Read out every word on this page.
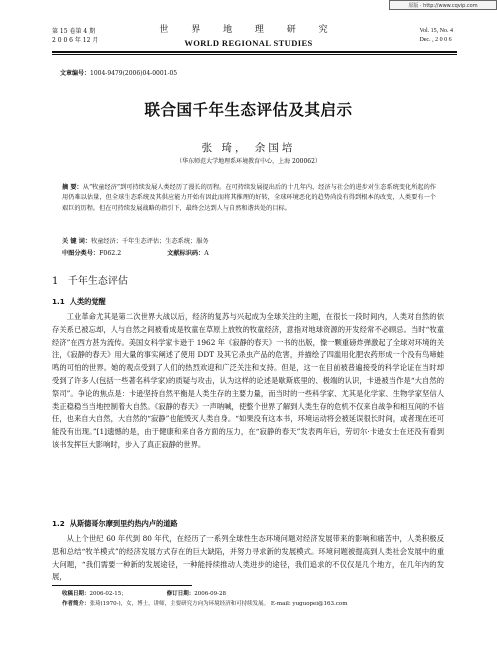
原版 · http://www.cqvip.com
第 15 卷第 4 期
2 0 0 6 年 12 月
世 界 地 理 研 究
WORLD REGIONAL STUDIES
Vol. 15, No. 4
Dec. , 2 0 0 6
文章编号：1004-9479(2006)04-0001-05
联合国千年生态评估及其启示
张 琦， 余国培
（华东师范大学地理系环境教育中心，上海 200062）
摘 要：从“牧童经济”到可持续发展人类经历了漫长的历程。在可持续发展提出后的十几年内，经济与社会的进步对生态系统变化所起的作用仍难以估量，但全球生态系统及其供应能力开始有因此而将其推理的好转，全球环境恶化的趋势尚没有得到根本的改变，人类要有一个艰巨的历程。但在可持续发展战略的指引下，最终会达到人与自然和谐共处的目标。
关 键 词：牧童经济；千年生态评估；生态系统；服务
中图分类号：F062.2	文献标识码：A
1 千年生态评估
1.1 人类的觉醒
工业革命尤其是第二次世界大战以后，经济的复苏与兴起成为全球关注的主题，在很长一段时间内，人类对自然的依存关系已被忘却，人与自然之间被看成是牧童在草原上放牧的牧童经济，意指对地球资源的开发经常不必顾忌。当时“牧童经济”在西方甚为流传。美国女科学家卡逊于 1962 年《寂静的春天》一书的出版，像一颗重磅炸弹激起了全球对环境的关注，《寂静的春天》用大量的事实阐述了使用 DDT 及其它杀虫产品的危害，并描绘了四滥用化肥农药形成一个没有鸟啼蛙鸣的可怕的世界。她的观点受到了人们的热烈欢迎和广泛关注和支持。但是，这一在目前被普遍接受的科学论证在当时却受到了许多人(包括一些著名科学家)的质疑与攻击，认为这样的论述是歇斯底里的、极端的认识，卡逊被当作是“大自然的祭司”。争论的焦点是：卡逊坚持自然平衡是人类生存的主要力量，而当时的一些科学家、尤其是化学家、生物学家坚信人类正稳稳当当地控制着大自然。《寂静的春天》一声呐喊，使整个世界了解到人类生存的危机不仅来自战争和相互间的不信任，也来自大自然，大自然的“寂静”也能毁灭人类自身。“如果没有这本书，环境运动将会被延误很长时间，或者现在还可能没有出现。”[1]遗憾的是，由于健康和来自各方面的压力，在“寂静的春天”发表两年后，劳切尔·卡逊女士在还没有看到该书发挥巨大影响时，步入了真正寂静的世界。
1.2 从斯德哥尔摩到里约热内卢的道路
从上个世纪 60 年代到 80 年代，在经历了一系列全球性生态环境问题对经济发展带来的影响和痛苦中，人类积极反思和总结“牧羊模式”的经济发展方式存在的巨大缺陷，并努力寻求新的发展模式。环境问题被提高到人类社会发展中的重大问题，“我们需要一种新的发展途径，一种能持续推动人类进步的途径，我们追求的不仅仅是几个地方，在几年内的发展，
收稿日期：2006-02-15；	修订日期：2006-09-28
作者简介：张琦(1970-)，女，博士，讲师，主要研究方向为环境经济和可持续发展。 E-mail: yuguopei@163.com
